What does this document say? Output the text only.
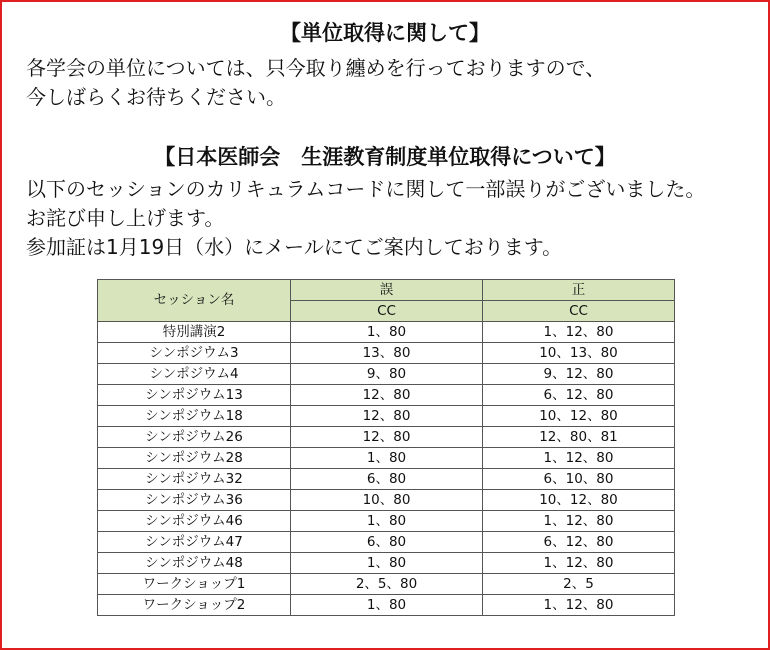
【単位取得に関して】
各学会の単位については、只今取り纏めを行っておりますので、
今しばらくお待ちください。
【日本医師会　生涯教育制度単位取得について】
以下のセッションのカリキュラムコードに関して一部誤りがございました。
お詫び申し上げます。
参加証は1月19日（水）にメールにてご案内しております。
セッション名	誤	正
	CC	CC
特別講演2	1、80	1、12、80
シンポジウム3	13、80	10、13、80
シンポジウム4	9、80	9、12、80
シンポジウム13	12、80	6、12、80
シンポジウム18	12、80	10、12、80
シンポジウム26	12、80	12、80、81
シンポジウム28	1、80	1、12、80
シンポジウム32	6、80	6、10、80
シンポジウム36	10、80	10、12、80
シンポジウム46	1、80	1、12、80
シンポジウム47	6、80	6、12、80
シンポジウム48	1、80	1、12、80
ワークショップ1	2、5、80	2、5
ワークショップ2	1、80	1、12、80
